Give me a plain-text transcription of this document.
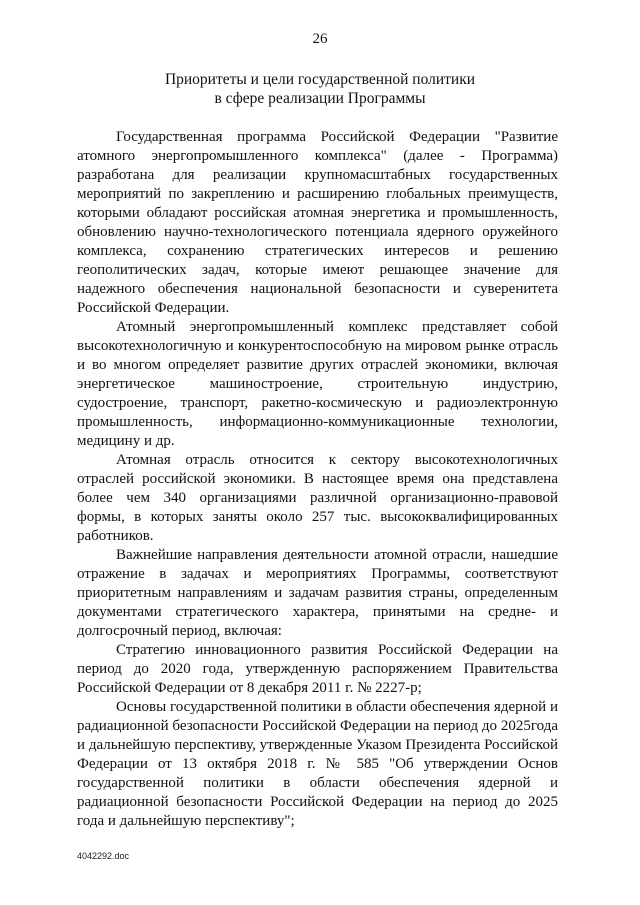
26
Приоритеты и цели государственной политики
в сфере реализации Программы

Государственная программа Российской Федерации "Развитие атомного энергопромышленного комплекса" (далее - Программа) разработана для реализации крупномасштабных государственных мероприятий по закреплению и расширению глобальных преимуществ, которыми обладают российская атомная энергетика и промышленность, обновлению научно-технологического потенциала ядерного оружейного комплекса, сохранению стратегических интересов и решению геополитических задач, которые имеют решающее значение для надежного обеспечения национальной безопасности и суверенитета Российской Федерации.

Атомный энергопромышленный комплекс представляет собой высокотехнологичную и конкурентоспособную на мировом рынке отрасль и во многом определяет развитие других отраслей экономики, включая энергетическое машиностроение, строительную индустрию, судостроение, транспорт, ракетно-космическую и радиоэлектронную промышленность, информационно-коммуникационные технологии, медицину и др.

Атомная отрасль относится к сектору высокотехнологичных отраслей российской экономики. В настоящее время она представлена более чем 340 организациями различной организационно-правовой формы, в которых заняты около 257 тыс. высококвалифицированных работников.

Важнейшие направления деятельности атомной отрасли, нашедшие отражение в задачах и мероприятиях Программы, соответствуют приоритетным направлениям и задачам развития страны, определенным документами стратегического характера, принятыми на средне- и долгосрочный период, включая:

Стратегию инновационного развития Российской Федерации на период до 2020 года, утвержденную распоряжением Правительства Российской Федерации от 8 декабря 2011 г. № 2227-р;

Основы государственной политики в области обеспечения ядерной и радиационной безопасности Российской Федерации на период до 2025года и дальнейшую перспективу, утвержденные Указом Президента Российской Федерации от 13 октября 2018 г. № 585 "Об утверждении Основ государственной политики в области обеспечения ядерной и радиационной безопасности Российской Федерации на период до 2025 года и дальнейшую перспективу";

4042292.doc
